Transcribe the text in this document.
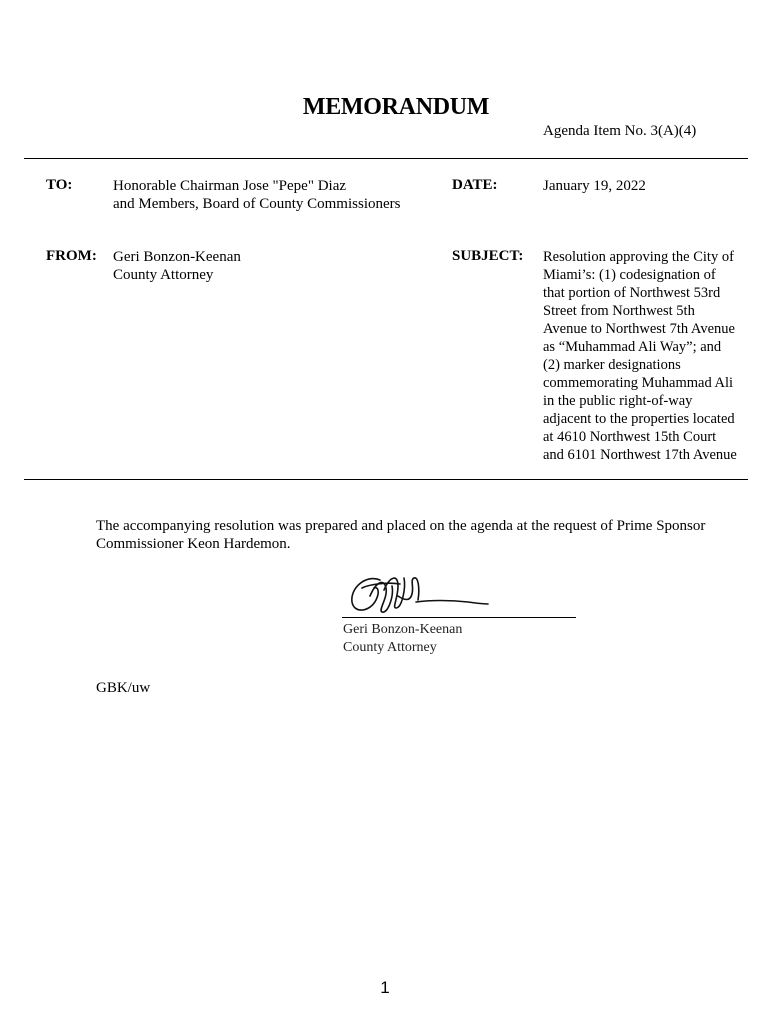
MEMORANDUM
Agenda Item No. 3(A)(4)
TO:	Honorable Chairman Jose "Pepe" Diaz
and Members, Board of County Commissioners
DATE:	January 19, 2022
FROM: Geri Bonzon-Keenan
County Attorney
SUBJECT: Resolution approving the City of
Miami’s: (1) codesignation of
that portion of Northwest 53rd
Street from Northwest 5th
Avenue to Northwest 7th Avenue
as “Muhammad Ali Way”; and
(2) marker designations
commemorating Muhammad Ali
in the public right-of-way
adjacent to the properties located
at 4610 Northwest 15th Court
and 6101 Northwest 17th Avenue
The accompanying resolution was prepared and placed on the agenda at the request of Prime Sponsor
Commissioner Keon Hardemon.
Geri Bonzon-Keenan
County Attorney
GBK/uw
1
